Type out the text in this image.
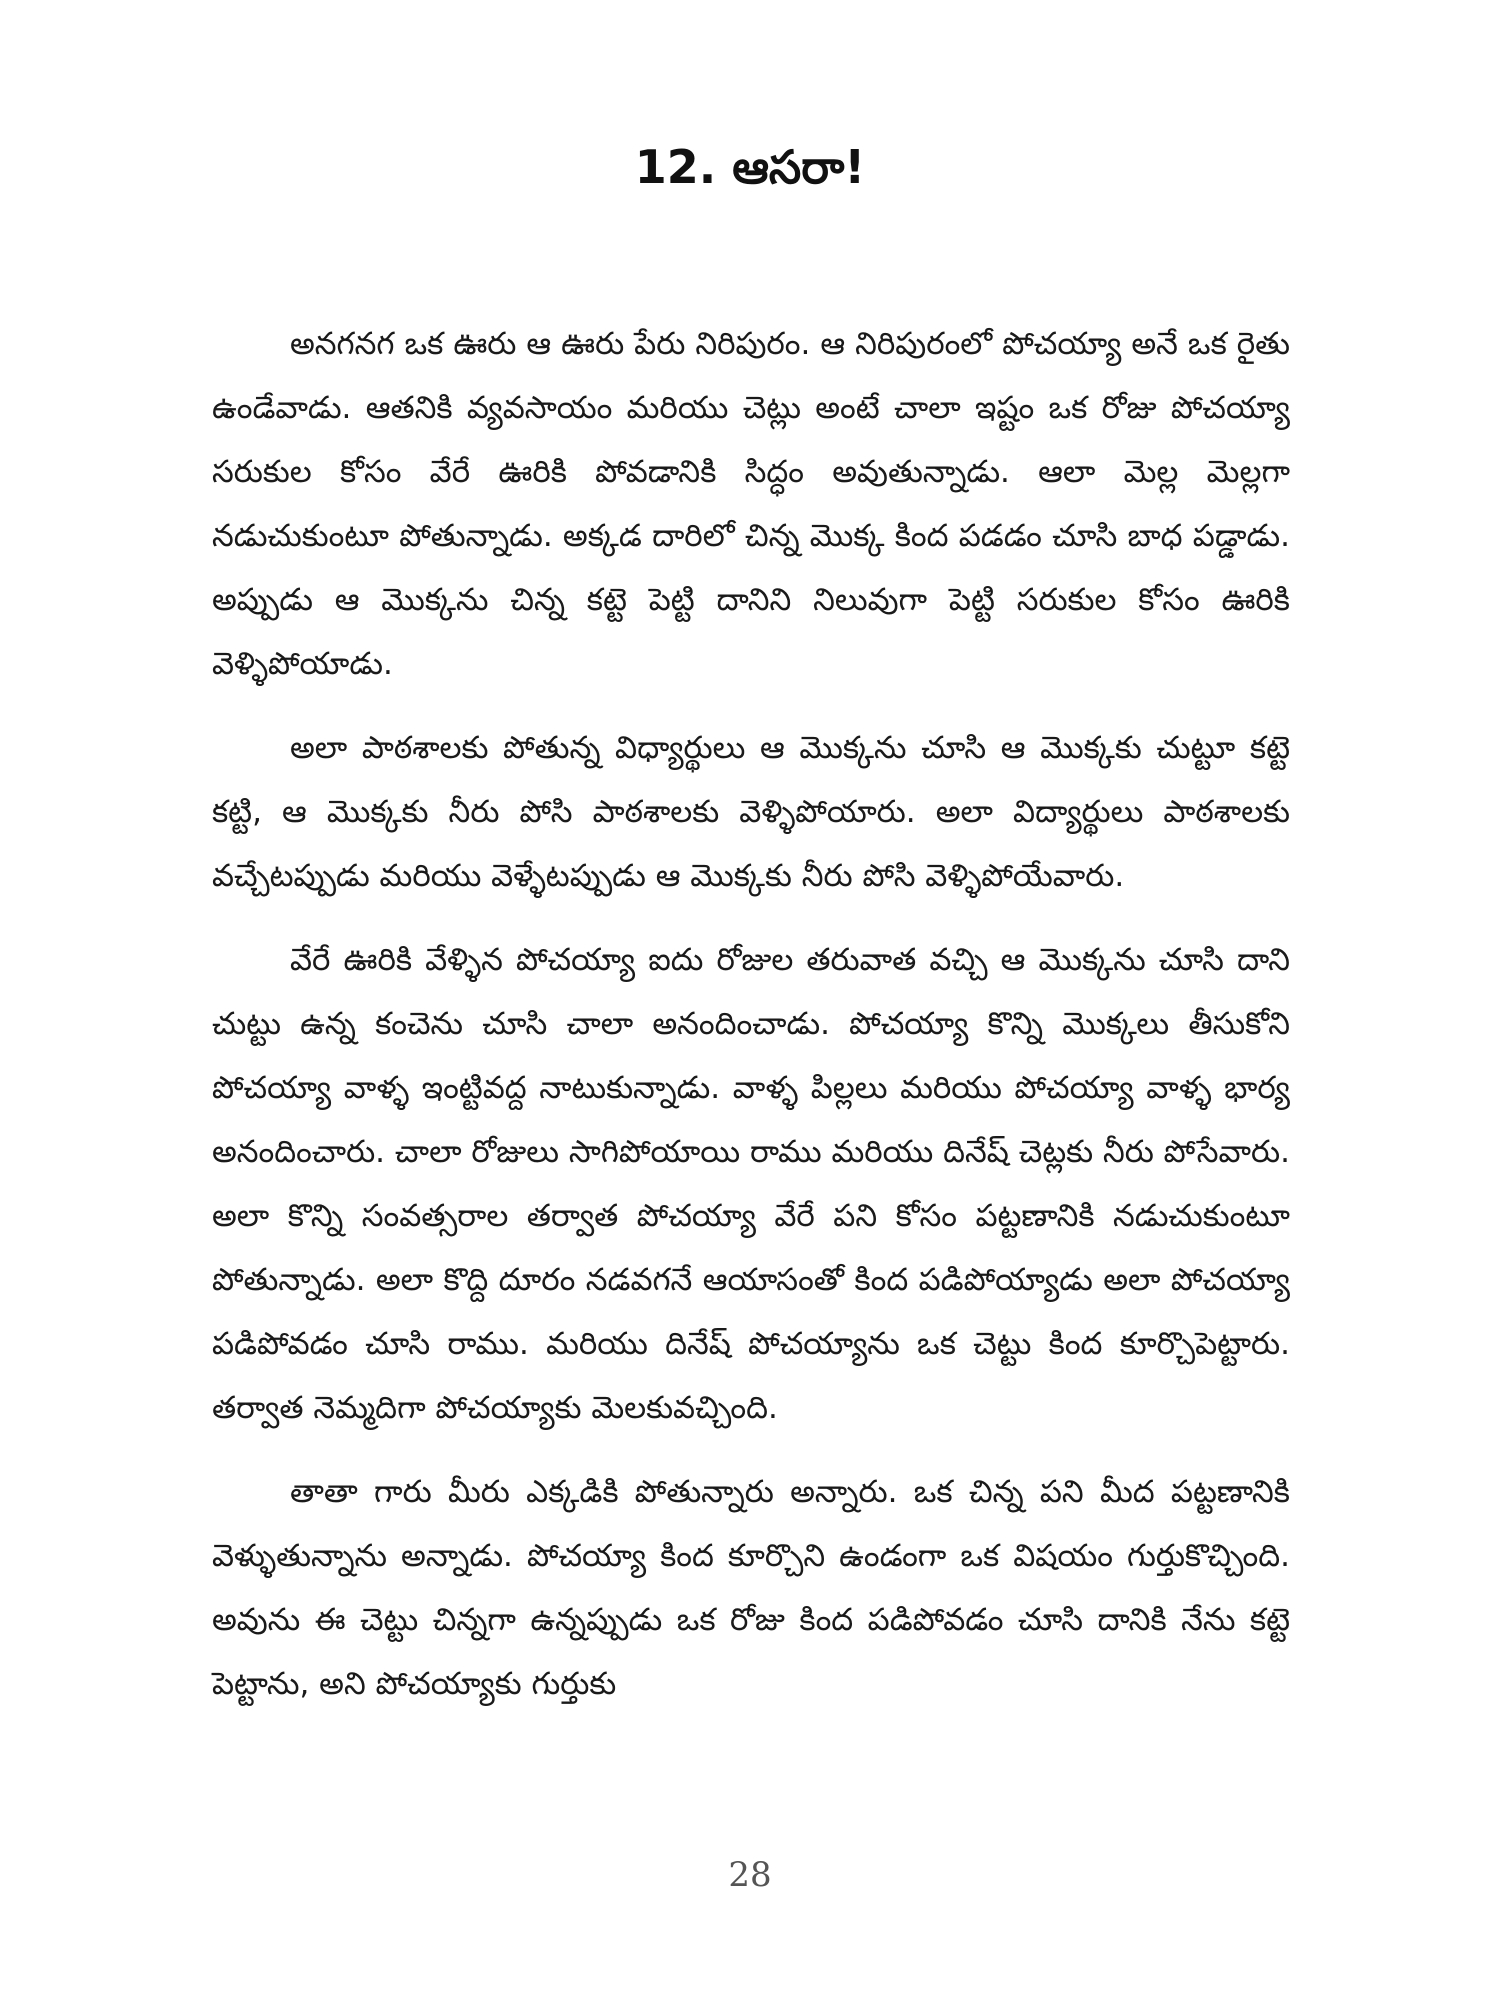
12. ఆసరా!

అనగనగ ఒక ఊరు ఆ ఊరు పేరు నిరిపురం. ఆ నిరిపురంలో పోచయ్యా అనే ఒక రైతు ఉండేవాడు. ఆతనికి వ్యవసాయం మరియు చెట్లు అంటే చాలా ఇష్టం ఒక రోజు పోచయ్యా సరుకుల కోసం వేరే ఊరికి పోవడానికి సిద్ధం అవుతున్నాడు. ఆలా మెల్ల మెల్లగా నడుచుకుంటూ పోతున్నాడు. అక్కడ దారిలో చిన్న మొక్క కింద పడడం చూసి బాధ పడ్డాడు. అప్పుడు ఆ మొక్కను చిన్న కట్టె పెట్టి దానిని నిలువుగా పెట్టి సరుకుల కోసం ఊరికి వెళ్ళిపోయాడు.

అలా పాఠశాలకు పోతున్న విధ్యార్థులు ఆ మొక్కను చూసి ఆ మొక్కకు చుట్టూ కట్టె కట్టి, ఆ మొక్కకు నీరు పోసి పాఠశాలకు వెళ్ళిపోయారు. అలా విద్యార్థులు పాఠశాలకు వచ్చేటప్పుడు మరియు వెళ్ళేటప్పుడు ఆ మొక్కకు నీరు పోసి వెళ్ళిపోయేవారు.

వేరే ఊరికి వేళ్ళిన పోచయ్యా ఐదు రోజుల తరువాత వచ్చి ఆ మొక్కను చూసి దాని చుట్టు ఉన్న కంచెను చూసి చాలా అనందించాడు. పోచయ్యా కొన్ని మొక్కలు తీసుకోని పోచయ్యా వాళ్ళ ఇంట్టివద్ద నాటుకున్నాడు. వాళ్ళ పిల్లలు మరియు పోచయ్యా వాళ్ళ భార్య అనందించారు. చాలా రోజులు సాగిపోయాయి రాము మరియు దినేష్ చెట్లకు నీరు పోసేవారు. అలా కొన్ని సంవత్సరాల తర్వాత పోచయ్యా వేరే పని కోసం పట్టణానికి నడుచుకుంటూ పోతున్నాడు. అలా కొద్ది దూరం నడవగనే ఆయాసంతో కింద పడిపోయ్యాడు అలా పోచయ్యా పడిపోవడం చూసి రాము. మరియు దినేష్ పోచయ్యాను ఒక చెట్టు కింద కూర్చొపెట్టారు. తర్వాత నెమ్మదిగా పోచయ్యాకు మెలకువచ్చింది.

తాతా గారు మీరు ఎక్కడికి పోతున్నారు అన్నారు. ఒక చిన్న పని మీద పట్టణానికి వెళ్ళుతున్నాను అన్నాడు. పోచయ్యా కింద కూర్చొని ఉండంగా ఒక విషయం గుర్తుకొచ్చింది. అవును ఈ చెట్టు చిన్నగా ఉన్నప్పుడు ఒక రోజు కింద పడిపోవడం చూసి దానికి నేను కట్టె పెట్టాను, అని పోచయ్యాకు గుర్తుకు

28
